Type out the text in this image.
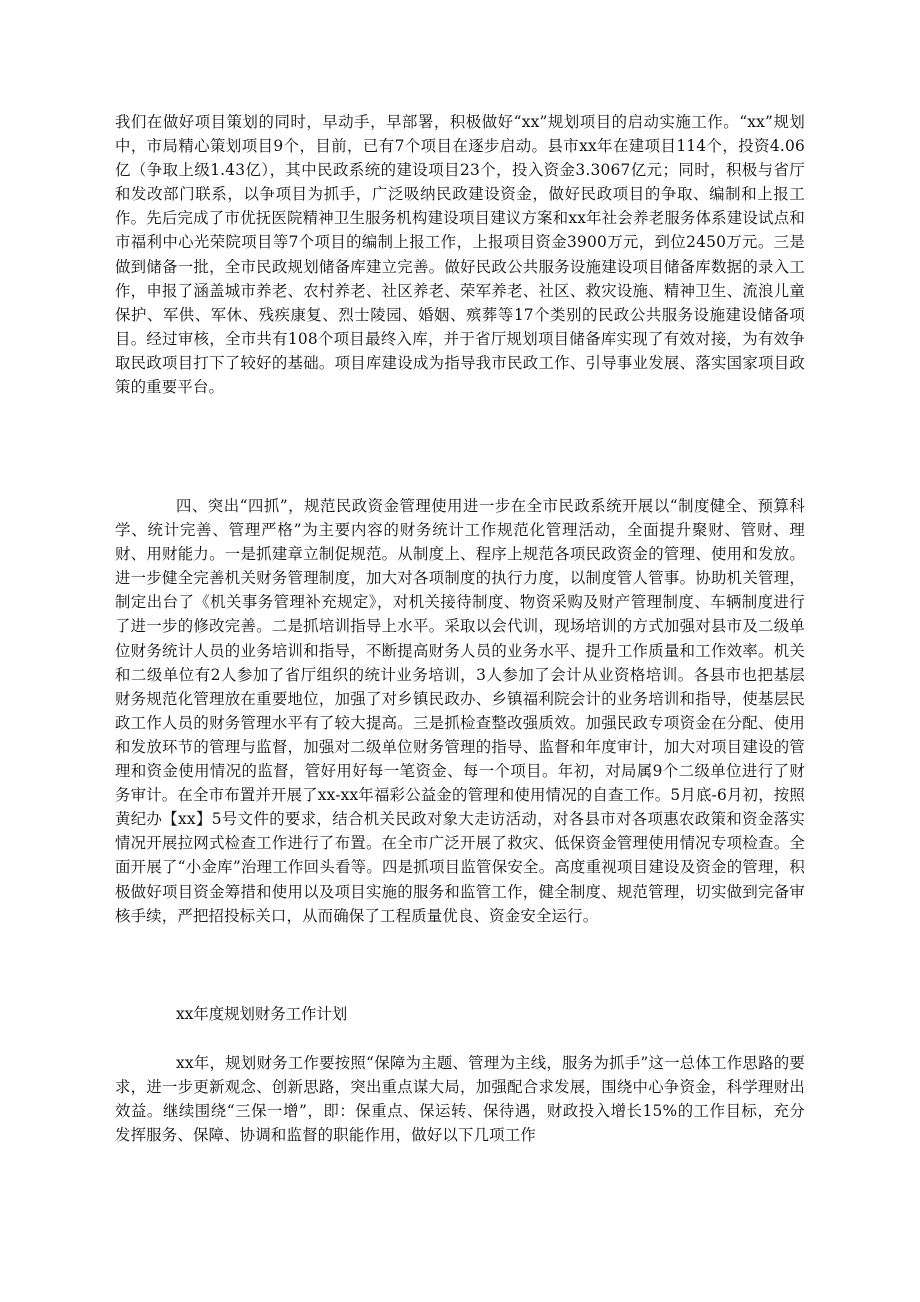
我们在做好项目策划的同时，早动手，早部署，积极做好“xx”规划项目的启动实施工作。“xx”规划中，市局精心策划项目9个，目前，已有7个项目在逐步启动。县市xx年在建项目114个，投资4.06亿（争取上级1.43亿），其中民政系统的建设项目23个，投入资金3.3067亿元；同时，积极与省厅和发改部门联系，以争项目为抓手，广泛吸纳民政建设资金，做好民政项目的争取、编制和上报工作。先后完成了市优抚医院精神卫生服务机构建设项目建议方案和xx年社会养老服务体系建设试点和市福利中心光荣院项目等7个项目的编制上报工作，上报项目资金3900万元，到位2450万元。三是做到储备一批，全市民政规划储备库建立完善。做好民政公共服务设施建设项目储备库数据的录入工作，申报了涵盖城市养老、农村养老、社区养老、荣军养老、社区、救灾设施、精神卫生、流浪儿童保护、军供、军休、残疾康复、烈士陵园、婚姻、殡葬等17个类别的民政公共服务设施建设储备项目。经过审核，全市共有108个项目最终入库，并于省厅规划项目储备库实现了有效对接，为有效争取民政项目打下了较好的基础。项目库建设成为指导我市民政工作、引导事业发展、落实国家项目政策的重要平台。

四、突出“四抓”，规范民政资金管理使用进一步在全市民政系统开展以“制度健全、预算科学、统计完善、管理严格”为主要内容的财务统计工作规范化管理活动，全面提升聚财、管财、理财、用财能力。一是抓建章立制促规范。从制度上、程序上规范各项民政资金的管理、使用和发放。进一步健全完善机关财务管理制度，加大对各项制度的执行力度，以制度管人管事。协助机关管理，制定出台了《机关事务管理补充规定》，对机关接待制度、物资采购及财产管理制度、车辆制度进行了进一步的修改完善。二是抓培训指导上水平。采取以会代训，现场培训的方式加强对县市及二级单位财务统计人员的业务培训和指导，不断提高财务人员的业务水平、提升工作质量和工作效率。机关和二级单位有2人参加了省厅组织的统计业务培训，3人参加了会计从业资格培训。各县市也把基层财务规范化管理放在重要地位，加强了对乡镇民政办、乡镇福利院会计的业务培训和指导，使基层民政工作人员的财务管理水平有了较大提高。三是抓检查整改强质效。加强民政专项资金在分配、使用和发放环节的管理与监督，加强对二级单位财务管理的指导、监督和年度审计，加大对项目建设的管理和资金使用情况的监督，管好用好每一笔资金、每一个项目。年初，对局属9个二级单位进行了财务审计。在全市布置并开展了xx-xx年福彩公益金的管理和使用情况的自查工作。5月底-6月初，按照黄纪办【xx】5号文件的要求，结合机关民政对象大走访活动，对各县市对各项惠农政策和资金落实情况开展拉网式检查工作进行了布置。在全市广泛开展了救灾、低保资金管理使用情况专项检查。全面开展了“小金库”治理工作回头看等。四是抓项目监管保安全。高度重视项目建设及资金的管理，积极做好项目资金筹措和使用以及项目实施的服务和监管工作，健全制度、规范管理，切实做到完备审核手续，严把招投标关口，从而确保了工程质量优良、资金安全运行。

xx年度规划财务工作计划

xx年，规划财务工作要按照“保障为主题、管理为主线，服务为抓手”这一总体工作思路的要求，进一步更新观念、创新思路，突出重点谋大局，加强配合求发展，围绕中心争资金，科学理财出效益。继续围绕“三保一增”，即：保重点、保运转、保待遇，财政投入增长15%的工作目标，充分发挥服务、保障、协调和监督的职能作用，做好以下几项工作
